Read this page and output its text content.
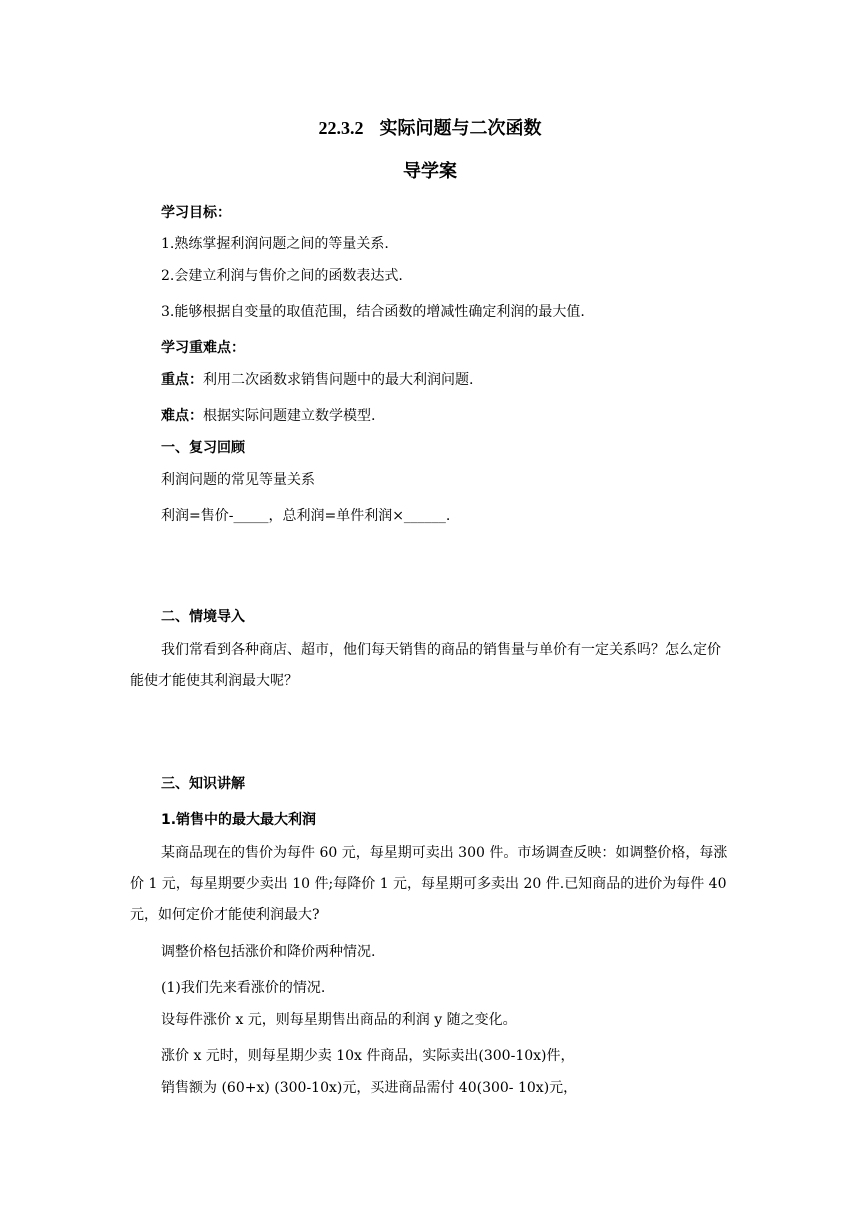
22.3.2 实际问题与二次函数
导学案
学习目标：
1.熟练掌握利润问题之间的等量关系.
2.会建立利润与售价之间的函数表达式.
3.能够根据自变量的取值范围，结合函数的增减性确定利润的最大值.
学习重难点：
重点：利用二次函数求销售问题中的最大利润问题.
难点：根据实际问题建立数学模型.
一、复习回顾
利润问题的常见等量关系
利润=售价-_____，总利润=单件利润×______.
二、情境导入
我们常看到各种商店、超市，他们每天销售的商品的销售量与单价有一定关系吗？怎么定价能使才能使其利润最大呢？
三、知识讲解
1.销售中的最大最大利润
某商品现在的售价为每件 60 元，每星期可卖出 300 件。市场调查反映：如调整价格，每涨价 1 元，每星期要少卖出 10 件;每降价 1 元，每星期可多卖出 20 件.已知商品的进价为每件 40 元，如何定价才能使利润最大?
调整价格包括涨价和降价两种情况.
(1)我们先来看涨价的情况.
设每件涨价 x 元，则每星期售出商品的利润 y 随之变化。
涨价 x 元时，则每星期少卖 10x 件商品，实际卖出(300-10x)件，
销售额为 (60+x) (300-10x)元，买进商品需付 40(300- 10x)元，
